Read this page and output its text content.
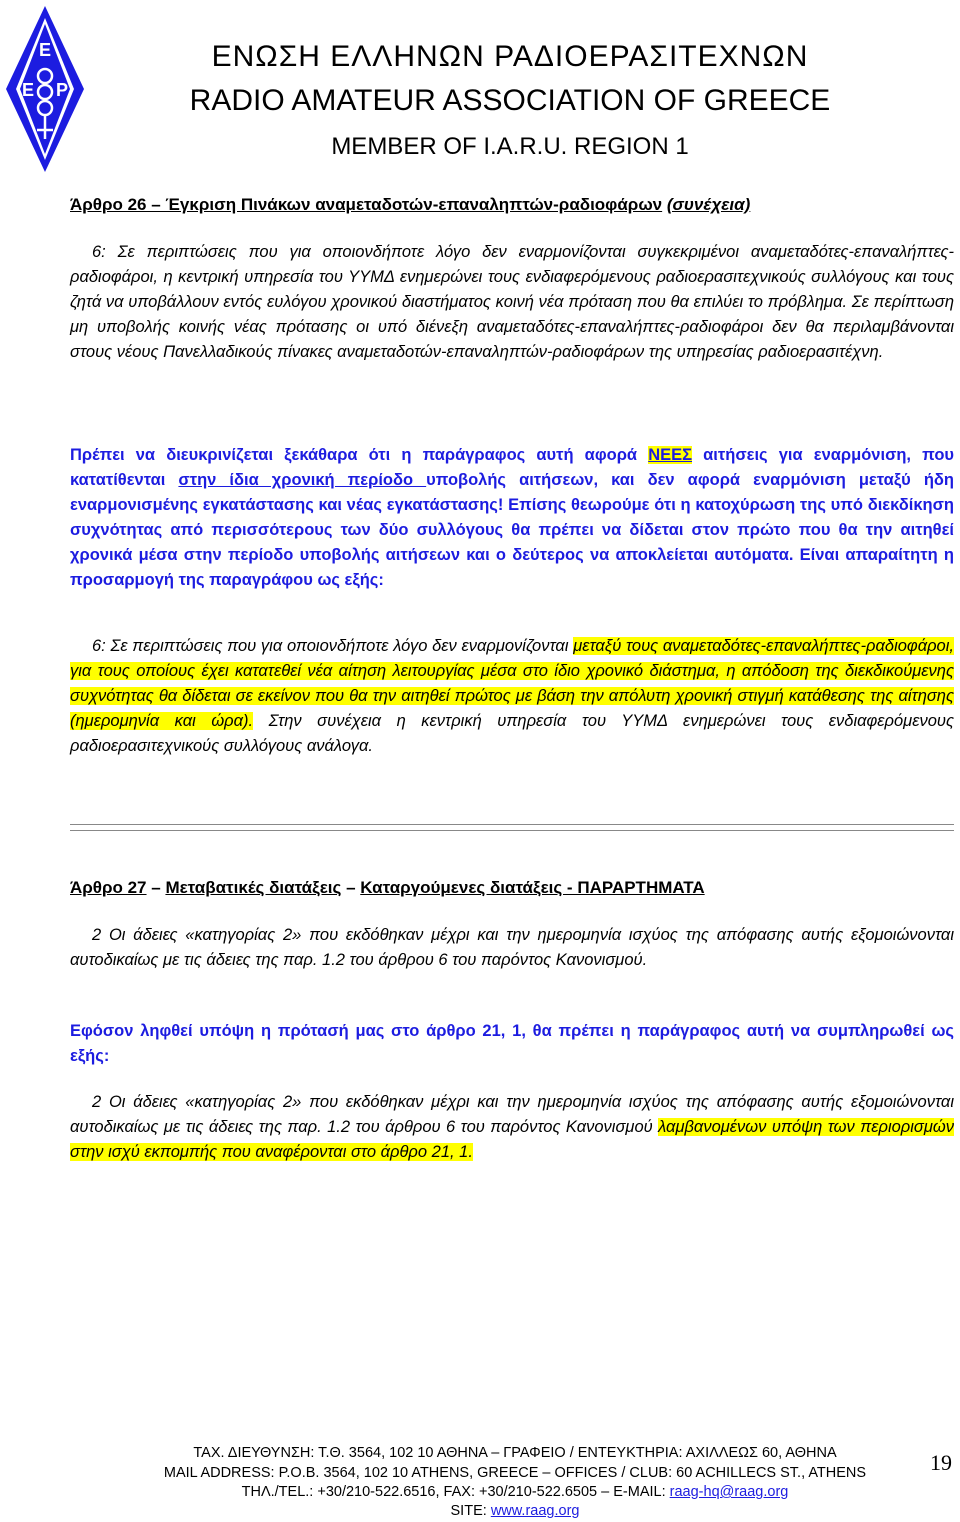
Ε
Ε Ρ
ΕΝΩΣΗ ΕΛΛΗΝΩΝ ΡΑΔΙΟΕΡΑΣΙΤΕΧΝΩΝ
RADIO AMATEUR ASSOCIATION OF GREECE
MEMBER OF I.A.R.U. REGION 1
Άρθρο 26 – Έγκριση Πινάκων αναμεταδοτών-επαναληπτών-ραδιοφάρων (συνέχεια)
6: Σε περιπτώσεις που για οποιονδήποτε λόγο δεν εναρμονίζονται συγκεκριμένοι αναμεταδότες-επαναλήπτες-ραδιοφάροι, η κεντρική υπηρεσία του ΥΥΜΔ ενημερώνει τους ενδιαφερόμενους ραδιοερασιτεχνικούς συλλόγους και τους ζητά να υποβάλλουν εντός ευλόγου χρονικού διαστήματος κοινή νέα πρόταση που θα επιλύει το πρόβλημα. Σε περίπτωση μη υποβολής κοινής νέας πρότασης οι υπό διένεξη αναμεταδότες-επαναλήπτες-ραδιοφάροι δεν θα περιλαμβάνονται στους νέους Πανελλαδικούς πίνακες αναμεταδοτών-επαναληπτών-ραδιοφάρων της υπηρεσίας ραδιοερασιτέχνη.
Πρέπει να διευκρινίζεται ξεκάθαρα ότι η παράγραφος αυτή αφορά ΝΕΕΣ αιτήσεις για εναρμόνιση, που κατατίθενται στην ίδια χρονική περίοδο υποβολής αιτήσεων, και δεν αφορά εναρμόνιση μεταξύ ήδη εναρμονισμένης εγκατάστασης και νέας εγκατάστασης! Επίσης θεωρούμε ότι η κατοχύρωση της υπό διεκδίκηση συχνότητας από περισσότερους των δύο συλλόγους θα πρέπει να δίδεται στον πρώτο που θα την αιτηθεί χρονικά μέσα στην περίοδο υποβολής αιτήσεων και ο δεύτερος να αποκλείεται αυτόματα. Είναι απαραίτητη η προσαρμογή της παραγράφου ως εξής:
6: Σε περιπτώσεις που για οποιονδήποτε λόγο δεν εναρμονίζονται μεταξύ τους αναμεταδότες-επαναλήπτες-ραδιοφάροι, για τους οποίους έχει κατατεθεί νέα αίτηση λειτουργίας μέσα στο ίδιο χρονικό διάστημα, η απόδοση της διεκδικούμενης συχνότητας θα δίδεται σε εκείνον που θα την αιτηθεί πρώτος με βάση την απόλυτη χρονική στιγμή κατάθεσης της αίτησης (ημερομηνία και ώρα). Στην συνέχεια η κεντρική υπηρεσία του ΥΥΜΔ ενημερώνει τους ενδιαφερόμενους ραδιοερασιτεχνικούς συλλόγους ανάλογα.
Άρθρο 27 – Μεταβατικές διατάξεις – Καταργούμενες διατάξεις - ΠΑΡΑΡΤΗΜΑΤΑ
2 Οι άδειες «κατηγορίας 2» που εκδόθηκαν μέχρι και την ημερομηνία ισχύος της απόφασης αυτής εξομοιώνονται αυτοδικαίως με τις άδειες της παρ. 1.2 του άρθρου 6 του παρόντος Κανονισμού.
Εφόσον ληφθεί υπόψη η πρότασή μας στο άρθρο 21, 1, θα πρέπει η παράγραφος αυτή να συμπληρωθεί ως εξής:
2 Οι άδειες «κατηγορίας 2» που εκδόθηκαν μέχρι και την ημερομηνία ισχύος της απόφασης αυτής εξομοιώνονται αυτοδικαίως με τις άδειες της παρ. 1.2 του άρθρου 6 του παρόντος Κανονισμού λαμβανομένων υπόψη των περιορισμών στην ισχύ εκπομπής που αναφέρονται στο άρθρο 21, 1.
ΤΑΧ. ΔΙΕΥΘΥΝΣΗ: Τ.Θ. 3564, 102 10 ΑΘΗΝΑ – ΓΡΑΦΕΙΟ / ΕΝΤΕΥΚΤΗΡΙΑ: ΑΧΙΛΛΕΩΣ 60, ΑΘΗΝΑ
MAIL ADDRESS: P.O.B. 3564, 102 10 ATHENS, GREECE – OFFICES / CLUB: 60 ACHILLECS ST., ATHENS
ΤΗΛ./TEL.: +30/210-522.6516, FAX: +30/210-522.6505 – E-MAIL: raag-hq@raag.org
SITE: www.raag.org
19
